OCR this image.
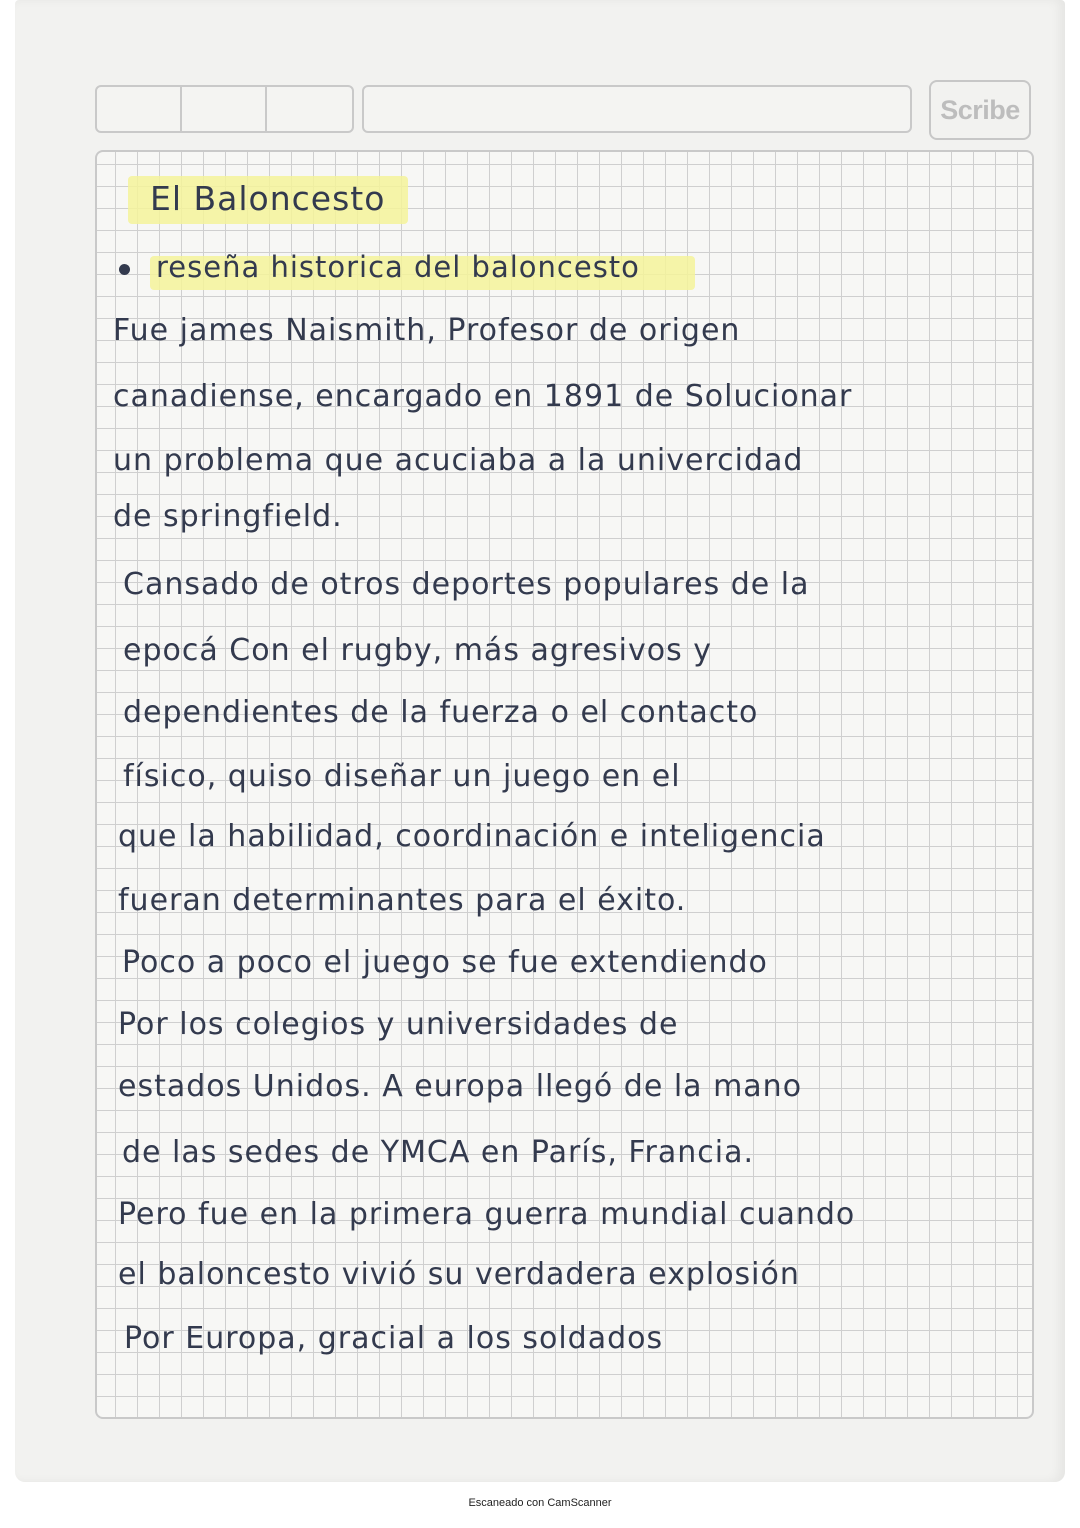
Scribe

El Baloncesto

reseña historica del baloncesto

Fue james Naismith, Profesor de origen

canadiense, encargado en 1891 de Solucionar

un problema que acuciaba a la univercidad

de springfield.

Cansado de otros deportes populares de la

epocá Con el rugby, más agresivos y

dependientes de la fuerza o el contacto

físico, quiso diseñar un juego en el

que la habilidad, coordinación e inteligencia

fueran determinantes para el éxito.

Poco a poco el juego se fue extendiendo

Por los colegios y universidades de

estados Unidos. A europa llegó de la mano

de las sedes de YMCA en París, Francia.

Pero fue en la primera guerra mundial cuando

el baloncesto vivió su verdadera explosión

Por Europa, gracial a los soldados

Escaneado con CamScanner
